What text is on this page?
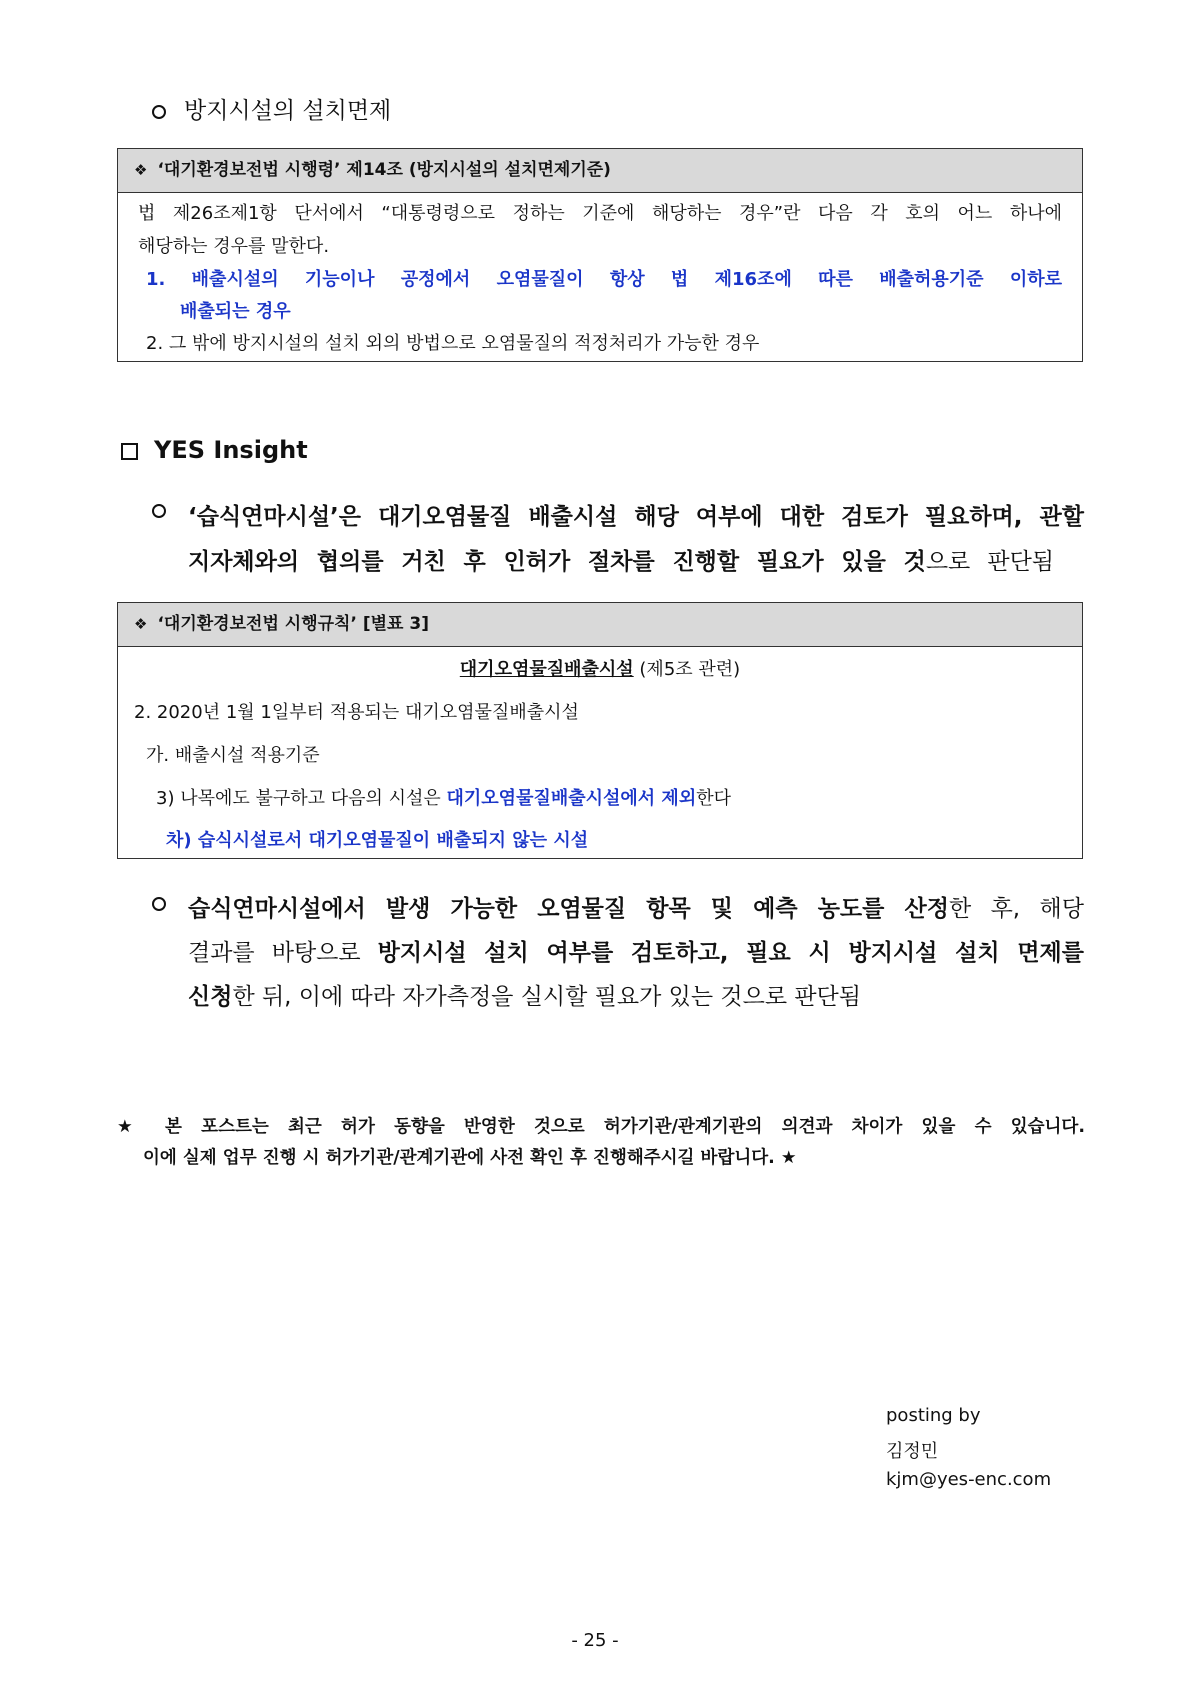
방지시설의 설치면제
❖ ‘대기환경보전법 시행령’ 제14조 (방지시설의 설치면제기준)
법 제26조제1항 단서에서 “대통령령으로 정하는 기준에 해당하는 경우”란 다음 각 호의 어느 하나에
해당하는 경우를 말한다.
1. 배출시설의 기능이나 공정에서 오염물질이 항상 법 제16조에 따른 배출허용기준 이하로
배출되는 경우
2. 그 밖에 방지시설의 설치 외의 방법으로 오염물질의 적정처리가 가능한 경우
YES Insight
‘습식연마시설’은 대기오염물질 배출시설 해당 여부에 대한 검토가 필요하며, 관할
지자체와의 협의를 거친 후 인허가 절차를 진행할 필요가 있을 것으로 판단됨
❖ ‘대기환경보전법 시행규칙’ [별표 3]
대기오염물질배출시설 (제5조 관련)
2. 2020년 1월 1일부터 적용되는 대기오염물질배출시설
가. 배출시설 적용기준
3) 나목에도 불구하고 다음의 시설은 대기오염물질배출시설에서 제외한다
차) 습식시설로서 대기오염물질이 배출되지 않는 시설
습식연마시설에서 발생 가능한 오염물질 항목 및 예측 농도를 산정한 후, 해당
결과를 바탕으로 방지시설 설치 여부를 검토하고, 필요 시 방지시설 설치 면제를
신청한 뒤, 이에 따라 자가측정을 실시할 필요가 있는 것으로 판단됨
★ 본 포스트는 최근 허가 동향을 반영한 것으로 허가기관/관계기관의 의견과 차이가 있을 수 있습니다.
이에 실제 업무 진행 시 허가기관/관계기관에 사전 확인 후 진행해주시길 바랍니다. ★
posting by
김정민
kjm@yes-enc.com
- 25 -
